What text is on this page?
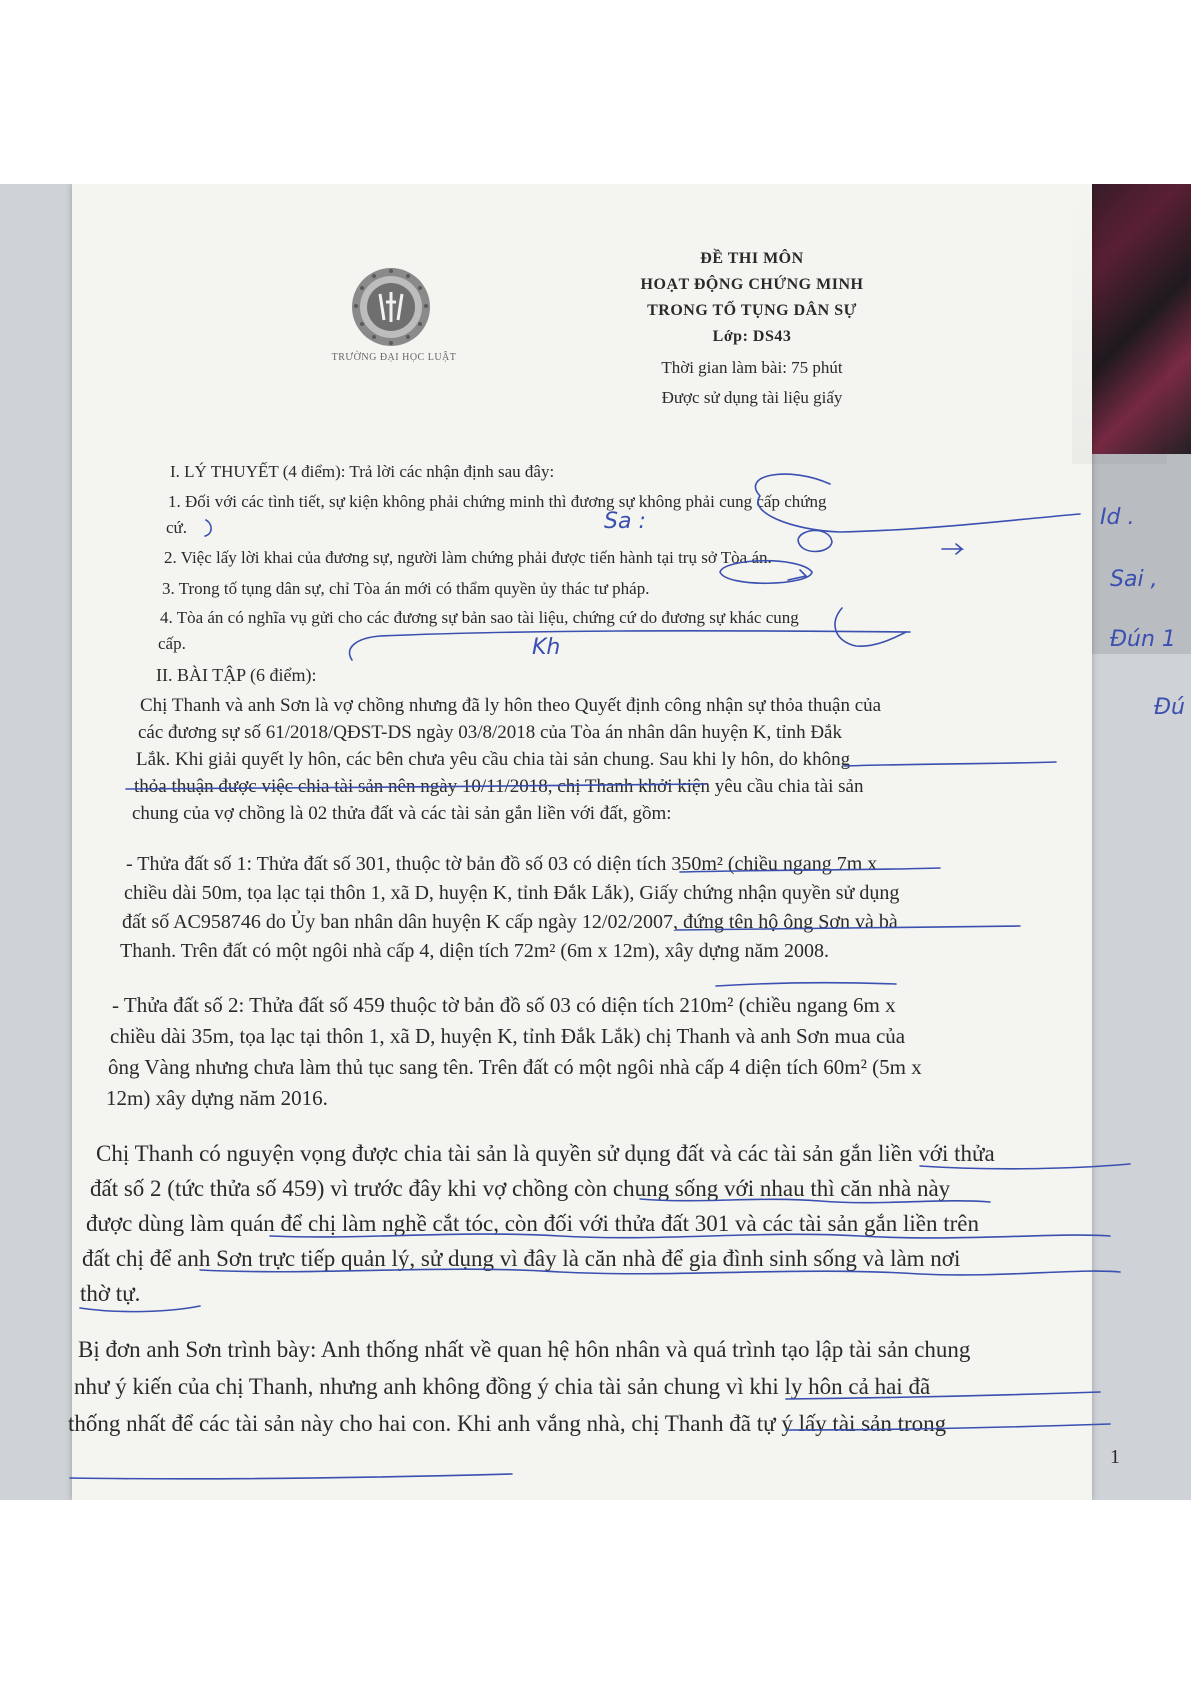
TRƯỜNG ĐẠI HỌC LUẬT
ĐỀ THI MÔN
HOẠT ĐỘNG CHỨNG MINH
TRONG TỐ TỤNG DÂN SỰ
Lớp: DS43
Thời gian làm bài: 75 phút
Được sử dụng tài liệu giấy
I. LÝ THUYẾT (4 điểm): Trả lời các nhận định sau đây:
1. Đối với các tình tiết, sự kiện không phải chứng minh thì đương sự không phải cung cấp chứng
cứ.
2. Việc lấy lời khai của đương sự, người làm chứng phải được tiến hành tại trụ sở Tòa án.
3. Trong tố tụng dân sự, chỉ Tòa án mới có thẩm quyền ủy thác tư pháp.
4. Tòa án có nghĩa vụ gửi cho các đương sự bản sao tài liệu, chứng cứ do đương sự khác cung
cấp.
II. BÀI TẬP (6 điểm):
Chị Thanh và anh Sơn là vợ chồng nhưng đã ly hôn theo Quyết định công nhận sự thỏa thuận của
các đương sự số 61/2018/QĐST-DS ngày 03/8/2018 của Tòa án nhân dân huyện K, tỉnh Đắk
Lắk. Khi giải quyết ly hôn, các bên chưa yêu cầu chia tài sản chung. Sau khi ly hôn, do không
thỏa thuận được việc chia tài sản nên ngày 10/11/2018, chị Thanh khởi kiện yêu cầu chia tài sản
chung của vợ chồng là 02 thửa đất và các tài sản gắn liền với đất, gồm:
- Thửa đất số 1: Thửa đất số 301, thuộc tờ bản đồ số 03 có diện tích 350m² (chiều ngang 7m x
chiều dài 50m, tọa lạc tại thôn 1, xã D, huyện K, tỉnh Đắk Lắk), Giấy chứng nhận quyền sử dụng
đất số AC958746 do Ủy ban nhân dân huyện K cấp ngày 12/02/2007, đứng tên hộ ông Sơn và bà
Thanh. Trên đất có một ngôi nhà cấp 4, diện tích 72m² (6m x 12m), xây dựng năm 2008.
- Thửa đất số 2: Thửa đất số 459 thuộc tờ bản đồ số 03 có diện tích 210m² (chiều ngang 6m x
chiều dài 35m, tọa lạc tại thôn 1, xã D, huyện K, tỉnh Đắk Lắk) chị Thanh và anh Sơn mua của
ông Vàng nhưng chưa làm thủ tục sang tên. Trên đất có một ngôi nhà cấp 4 diện tích 60m² (5m x
12m) xây dựng năm 2016.
Chị Thanh có nguyện vọng được chia tài sản là quyền sử dụng đất và các tài sản gắn liền với thửa
đất số 2 (tức thửa số 459) vì trước đây khi vợ chồng còn chung sống với nhau thì căn nhà này
được dùng làm quán để chị làm nghề cắt tóc, còn đối với thửa đất 301 và các tài sản gắn liền trên
đất chị để anh Sơn trực tiếp quản lý, sử dụng vì đây là căn nhà để gia đình sinh sống và làm nơi
thờ tự.
Bị đơn anh Sơn trình bày: Anh thống nhất về quan hệ hôn nhân và quá trình tạo lập tài sản chung
như ý kiến của chị Thanh, nhưng anh không đồng ý chia tài sản chung vì khi ly hôn cả hai đã
thống nhất để các tài sản này cho hai con. Khi anh vắng nhà, chị Thanh đã tự ý lấy tài sản trong
1
Sa :
Kh
Id .
Sai ,
Đún 1
Đú
